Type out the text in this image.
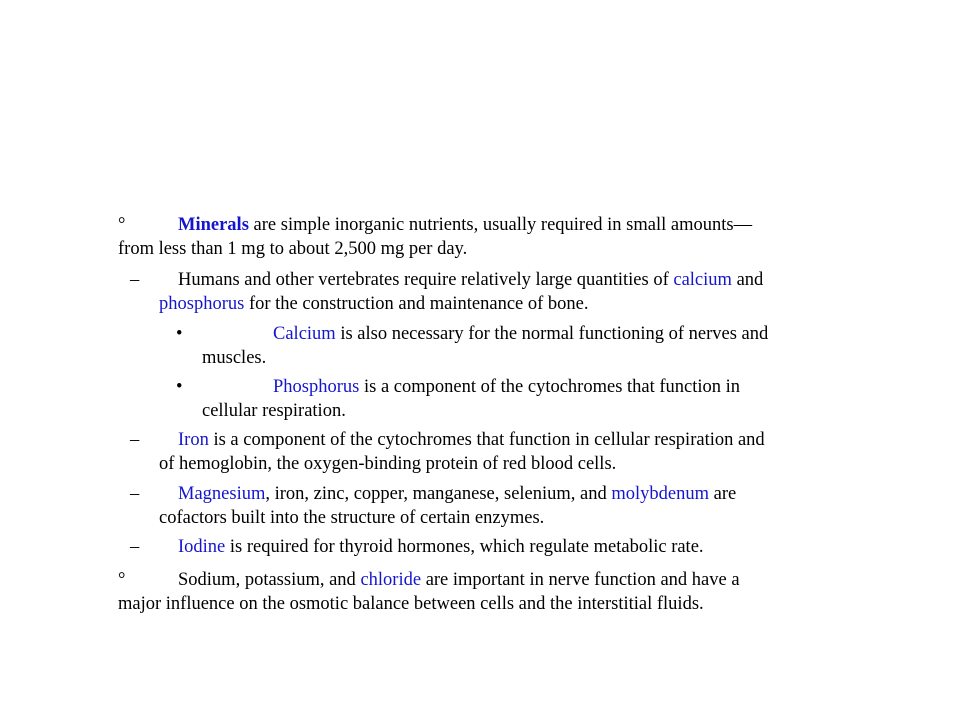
°	Minerals are simple inorganic nutrients, usually required in small amounts—
from less than 1 mg to about 2,500 mg per day.
– Humans and other vertebrates require relatively large quantities of calcium and
phosphorus for the construction and maintenance of bone.
•	Calcium is also necessary for the normal functioning of nerves and
muscles.
•	Phosphorus is a component of the cytochromes that function in
cellular respiration.
– Iron is a component of the cytochromes that function in cellular respiration and
of hemoglobin, the oxygen-binding protein of red blood cells.
– Magnesium, iron, zinc, copper, manganese, selenium, and molybdenum are
cofactors built into the structure of certain enzymes.
– Iodine is required for thyroid hormones, which regulate metabolic rate.
°	Sodium, potassium, and chloride are important in nerve function and have a
major influence on the osmotic balance between cells and the interstitial fluids.
